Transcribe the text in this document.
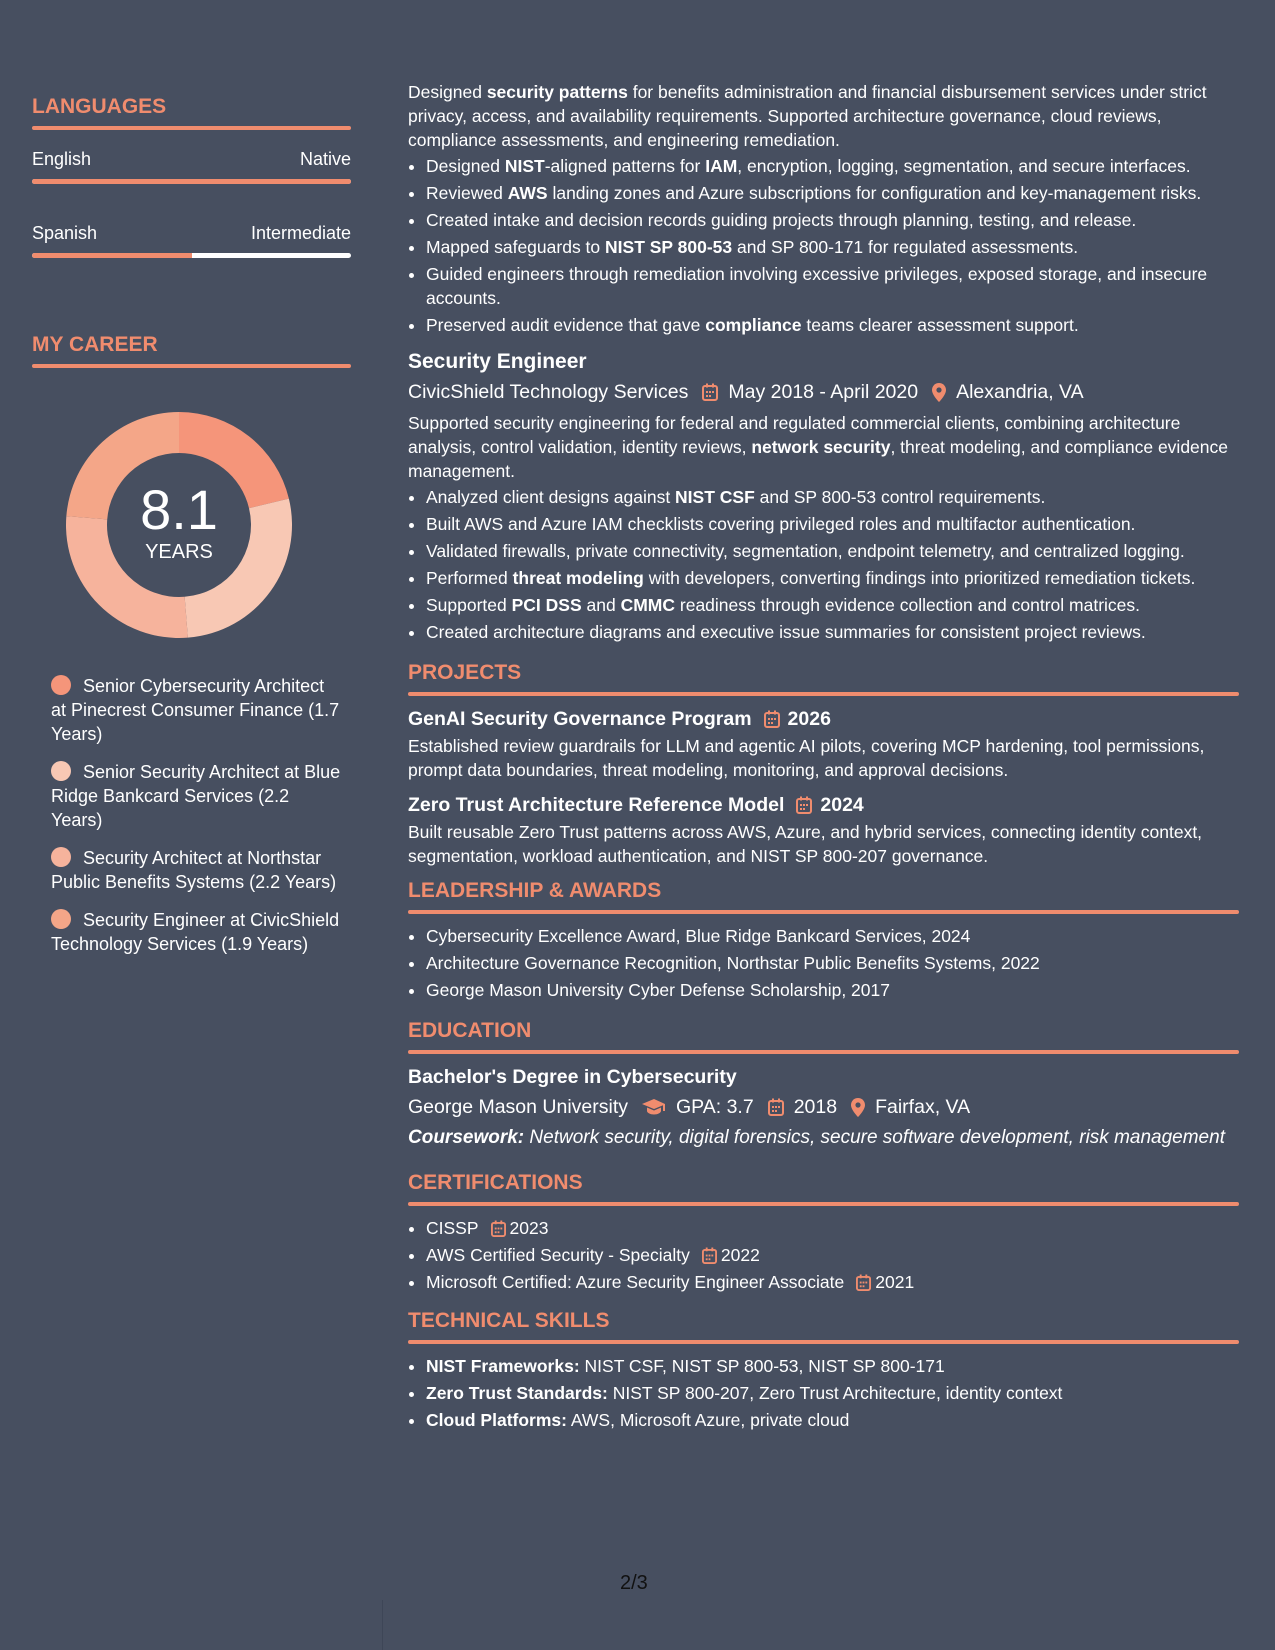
LANGUAGES
English	Native
Spanish	Intermediate
MY CAREER
8.1
YEARS
Senior Cybersecurity Architect at Pinecrest Consumer Finance (1.7 Years)
Senior Security Architect at Blue Ridge Bankcard Services (2.2 Years)
Security Architect at Northstar Public Benefits Systems (2.2 Years)
Security Engineer at CivicShield Technology Services (1.9 Years)

Designed security patterns for benefits administration and financial disbursement services under strict privacy, access, and availability requirements. Supported architecture governance, cloud reviews, compliance assessments, and engineering remediation.

• Designed NIST-aligned patterns for IAM, encryption, logging, segmentation, and secure interfaces.
• Reviewed AWS landing zones and Azure subscriptions for configuration and key-management risks.
• Created intake and decision records guiding projects through planning, testing, and release.
• Mapped safeguards to NIST SP 800-53 and SP 800-171 for regulated assessments.
• Guided engineers through remediation involving excessive privileges, exposed storage, and insecure accounts.
• Preserved audit evidence that gave compliance teams clearer assessment support.
Security Engineer
CivicShield Technology Services May 2018 - April 2020 Alexandria, VA

Supported security engineering for federal and regulated commercial clients, combining architecture analysis, control validation, identity reviews, network security, threat modeling, and compliance evidence management.

• Analyzed client designs against NIST CSF and SP 800-53 control requirements.
• Built AWS and Azure IAM checklists covering privileged roles and multifactor authentication.
• Validated firewalls, private connectivity, segmentation, endpoint telemetry, and centralized logging.
• Performed threat modeling with developers, converting findings into prioritized remediation tickets.
• Supported PCI DSS and CMMC readiness through evidence collection and control matrices.
• Created architecture diagrams and executive issue summaries for consistent project reviews.
PROJECTS
GenAI Security Governance Program 2026

Established review guardrails for LLM and agentic AI pilots, covering MCP hardening, tool permissions, prompt data boundaries, threat modeling, monitoring, and approval decisions.

Zero Trust Architecture Reference Model 2024

Built reusable Zero Trust patterns across AWS, Azure, and hybrid services, connecting identity context, segmentation, workload authentication, and NIST SP 800-207 governance.

LEADERSHIP & AWARDS
• Cybersecurity Excellence Award, Blue Ridge Bankcard Services, 2024
• Architecture Governance Recognition, Northstar Public Benefits Systems, 2022
• George Mason University Cyber Defense Scholarship, 2017
EDUCATION
Bachelor's Degree in Cybersecurity
George Mason University GPA: 3.7 2018 Fairfax, VA
Coursework: Network security, digital forensics, secure software development, risk management
CERTIFICATIONS
• CISSP 2023
• AWS Certified Security - Specialty 2022
• Microsoft Certified: Azure Security Engineer Associate 2021
TECHNICAL SKILLS
• NIST Frameworks: NIST CSF, NIST SP 800-53, NIST SP 800-171
• Zero Trust Standards: NIST SP 800-207, Zero Trust Architecture, identity context
• Cloud Platforms: AWS, Microsoft Azure, private cloud
2/3
